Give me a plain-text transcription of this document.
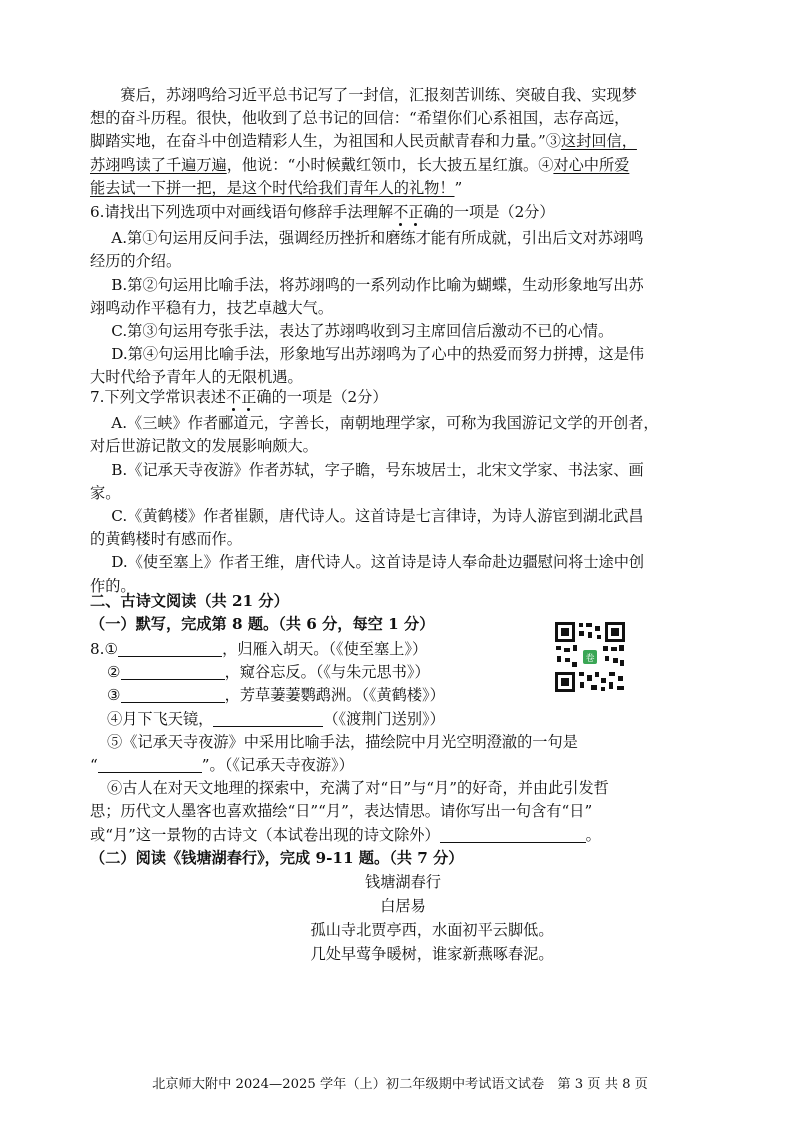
赛后，苏翊鸣给习近平总书记写了一封信，汇报刻苦训练、突破自我、实现梦
想的奋斗历程。很快，他收到了总书记的回信：“希望你们心系祖国，志存高远，
脚踏实地，在奋斗中创造精彩人生，为祖国和人民贡献青春和力量。”③这封回信，
苏翊鸣读了千遍万遍，他说：“小时候戴红领巾，长大披五星红旗。④对心中所爱
能去试一下拼一把，是这个时代给我们青年人的礼物！”
6.请找出下列选项中对画线语句修辞手法理解不正确的一项是（2分）
A.第①句运用反问手法，强调经历挫折和磨练才能有所成就，引出后文对苏翊鸣
经历的介绍。
B.第②句运用比喻手法，将苏翊鸣的一系列动作比喻为蝴蝶，生动形象地写出苏
翊鸣动作平稳有力，技艺卓越大气。
C.第③句运用夸张手法，表达了苏翊鸣收到习主席回信后激动不已的心情。
D.第④句运用比喻手法，形象地写出苏翊鸣为了心中的热爱而努力拼搏，这是伟
大时代给予青年人的无限机遇。
7.下列文学常识表述不正确的一项是（2分）
A.《三峡》作者郦道元，字善长，南朝地理学家，可称为我国游记文学的开创者，
对后世游记散文的发展影响颇大。
B.《记承天寺夜游》作者苏轼，字子瞻，号东坡居士，北宋文学家、书法家、画
家。
C.《黄鹤楼》作者崔颢，唐代诗人。这首诗是七言律诗，为诗人游宦到湖北武昌
的黄鹤楼时有感而作。
D.《使至塞上》作者王维，唐代诗人。这首诗是诗人奉命赴边疆慰问将士途中创
作的。
二、古诗文阅读（共 21 分）
（一）默写，完成第 8 题。（共 6 分，每空 1 分）
卷
8.①	，归雁入胡天。（《使至塞上》）
②	，窥谷忘反。（《与朱元思书》）
③	，芳草萋萋鹦鹉洲。（《黄鹤楼》）
④月下飞天镜，	（《渡荆门送别》）
⑤《记承天寺夜游》中采用比喻手法，描绘院中月光空明澄澈的一句是
“	”。（《记承天寺夜游》）
⑥古人在对天文地理的探索中，充满了对“日”与“月”的好奇，并由此引发哲
思；历代文人墨客也喜欢描绘“日”“月”，表达情思。请你写出一句含有“日”
或“月”这一景物的古诗文（本试卷出现的诗文除外）	。
（二）阅读《钱塘湖春行》，完成 9-11 题。（共 7 分）
钱塘湖春行
白居易
孤山寺北贾亭西，水面初平云脚低。
几处早莺争暖树，谁家新燕啄春泥。
北京师大附中 2024—2025 学年（上）初二年级期中考试语文试卷　第 3 页 共 8 页
